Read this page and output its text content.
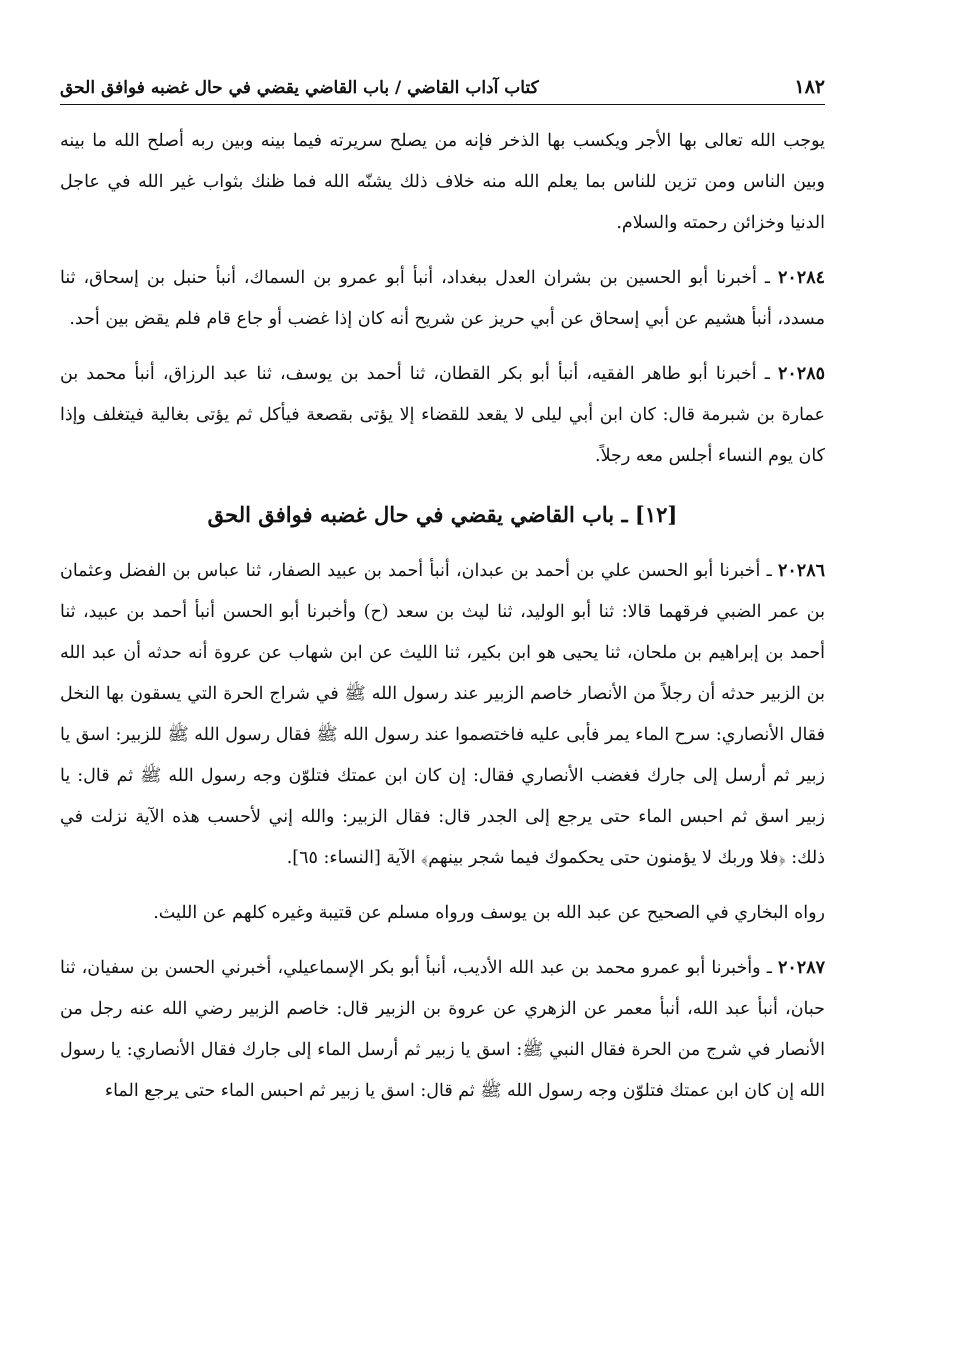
١٨٢
كتاب آداب القاضي / باب القاضي يقضي في حال غضبه فوافق الحق

يوجب الله تعالى بها الأجر ويكسب بها الذخر فإنه من يصلح سريرته فيما بينه وبين ربه أصلح الله ما بينه وبين الناس ومن تزين للناس بما يعلم الله منه خلاف ذلك يشنّه الله فما ظنك بثواب غير الله في عاجل الدنيا وخزائن رحمته والسلام.

٢٠٢٨٤ ـ أخبرنا أبو الحسين بن بشران العدل ببغداد، أنبأ أبو عمرو بن السماك، أنبأ حنبل بن إسحاق، ثنا مسدد، أنبأ هشيم عن أبي إسحاق عن أبي حريز عن شريح أنه كان إذا غضب أو جاع قام فلم يقض بين أحد.

٢٠٢٨٥ ـ أخبرنا أبو طاهر الفقيه، أنبأ أبو بكر القطان، ثنا أحمد بن يوسف، ثنا عبد الرزاق، أنبأ محمد بن عمارة بن شبرمة قال: كان ابن أبي ليلى لا يقعد للقضاء إلا يؤتى بقصعة فيأكل ثم يؤتى بغالية فيتغلف وإذا كان يوم النساء أجلس معه رجلاً.

[١٢] ـ باب القاضي يقضي في حال غضبه فوافق الحق

٢٠٢٨٦ ـ أخبرنا أبو الحسن علي بن أحمد بن عبدان، أنبأ أحمد بن عبيد الصفار، ثنا عباس بن الفضل وعثمان بن عمر الضبي فرقهما قالا: ثنا أبو الوليد، ثنا ليث بن سعد (ح) وأخبرنا أبو الحسن أنبأ أحمد بن عبيد، ثنا أحمد بن إبراهيم بن ملحان، ثنا يحيى هو ابن بكير، ثنا الليث عن ابن شهاب عن عروة أنه حدثه أن عبد الله بن الزبير حدثه أن رجلاً من الأنصار خاصم الزبير عند رسول الله ﷺ في شراج الحرة التي يسقون بها النخل فقال الأنصاري: سرح الماء يمر فأبى عليه فاختصموا عند رسول الله ﷺ فقال رسول الله ﷺ للزبير: اسق يا زبير ثم أرسل إلى جارك فغضب الأنصاري فقال: إن كان ابن عمتك فتلوّن وجه رسول الله ﷺ ثم قال: يا زبير اسق ثم احبس الماء حتى يرجع إلى الجدر قال: فقال الزبير: والله إني لأحسب هذه الآية نزلت في ذلك: ﴿فلا وربك لا يؤمنون حتى يحكموك فيما شجر بينهم﴾ الآية [النساء: ٦٥].

رواه البخاري في الصحيح عن عبد الله بن يوسف ورواه مسلم عن قتيبة وغيره كلهم عن الليث.

٢٠٢٨٧ ـ وأخبرنا أبو عمرو محمد بن عبد الله الأديب، أنبأ أبو بكر الإسماعيلي، أخبرني الحسن بن سفيان، ثنا حبان، أنبأ عبد الله، أنبأ معمر عن الزهري عن عروة بن الزبير قال: خاصم الزبير رضي الله عنه رجل من الأنصار في شرج من الحرة فقال النبي ﷺ: اسق يا زبير ثم أرسل الماء إلى جارك فقال الأنصاري: يا رسول الله إن كان ابن عمتك فتلوّن وجه رسول الله ﷺ ثم قال: اسق يا زبير ثم احبس الماء حتى يرجع الماء
